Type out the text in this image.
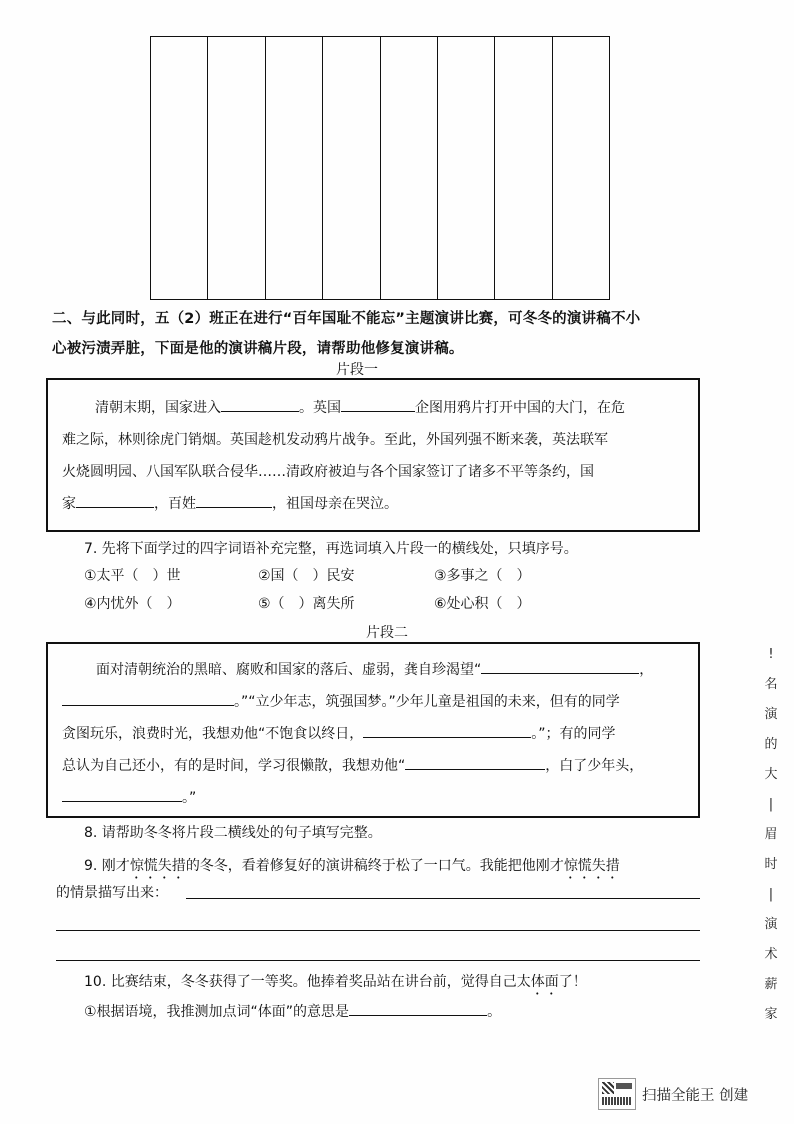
二、与此同时，五（2）班正在进行“百年国耻不能忘”主题演讲比赛，可冬冬的演讲稿不小
心被污渍弄脏，下面是他的演讲稿片段，请帮助他修复演讲稿。
片段一

清朝末期，国家进入	。英国	企图用鸦片打开中国的大门，在危

难之际，林则徐虎门销烟。英国趁机发动鸦片战争。至此，外国列强不断来袭，英法联军

火烧圆明园、八国军队联合侵华……清政府被迫与各个国家签订了诸多不平等条约，国

家	，百姓	，祖国母亲在哭泣。

7. 先将下面学过的四字词语补充完整，再选词填入片段一的横线处，只填序号。
①太平（　）世	②国（　）民安	③多事之（　）
④内忧外（　）	⑤（　）离失所	⑥处心积（　）
片段二

面对清朝统治的黑暗、腐败和国家的落后、虚弱，龚自珍渴望“	，

。”“立少年志，筑强国梦。”少年儿童是祖国的未来，但有的同学

贪图玩乐，浪费时光，我想劝他“不饱食以终日，	。”；有的同学

总认为自己还小，有的是时间，学习很懒散，我想劝他“	，白了少年头，

。”

8. 请帮助冬冬将片段二横线处的句子填写完整。
9. 刚才惊慌失措的冬冬，看着修复好的演讲稿终于松了一口气。我能把他刚才惊慌失措
的情景描写出来：
10. 比赛结束，冬冬获得了一等奖。他捧着奖品站在讲台前，觉得自己太体面了！
①根据语境，我推测加点词“体面”的意思是	。
!
名
演
的
大
|
眉
时
|
演
术
薪
家
扫描全能王 创建
